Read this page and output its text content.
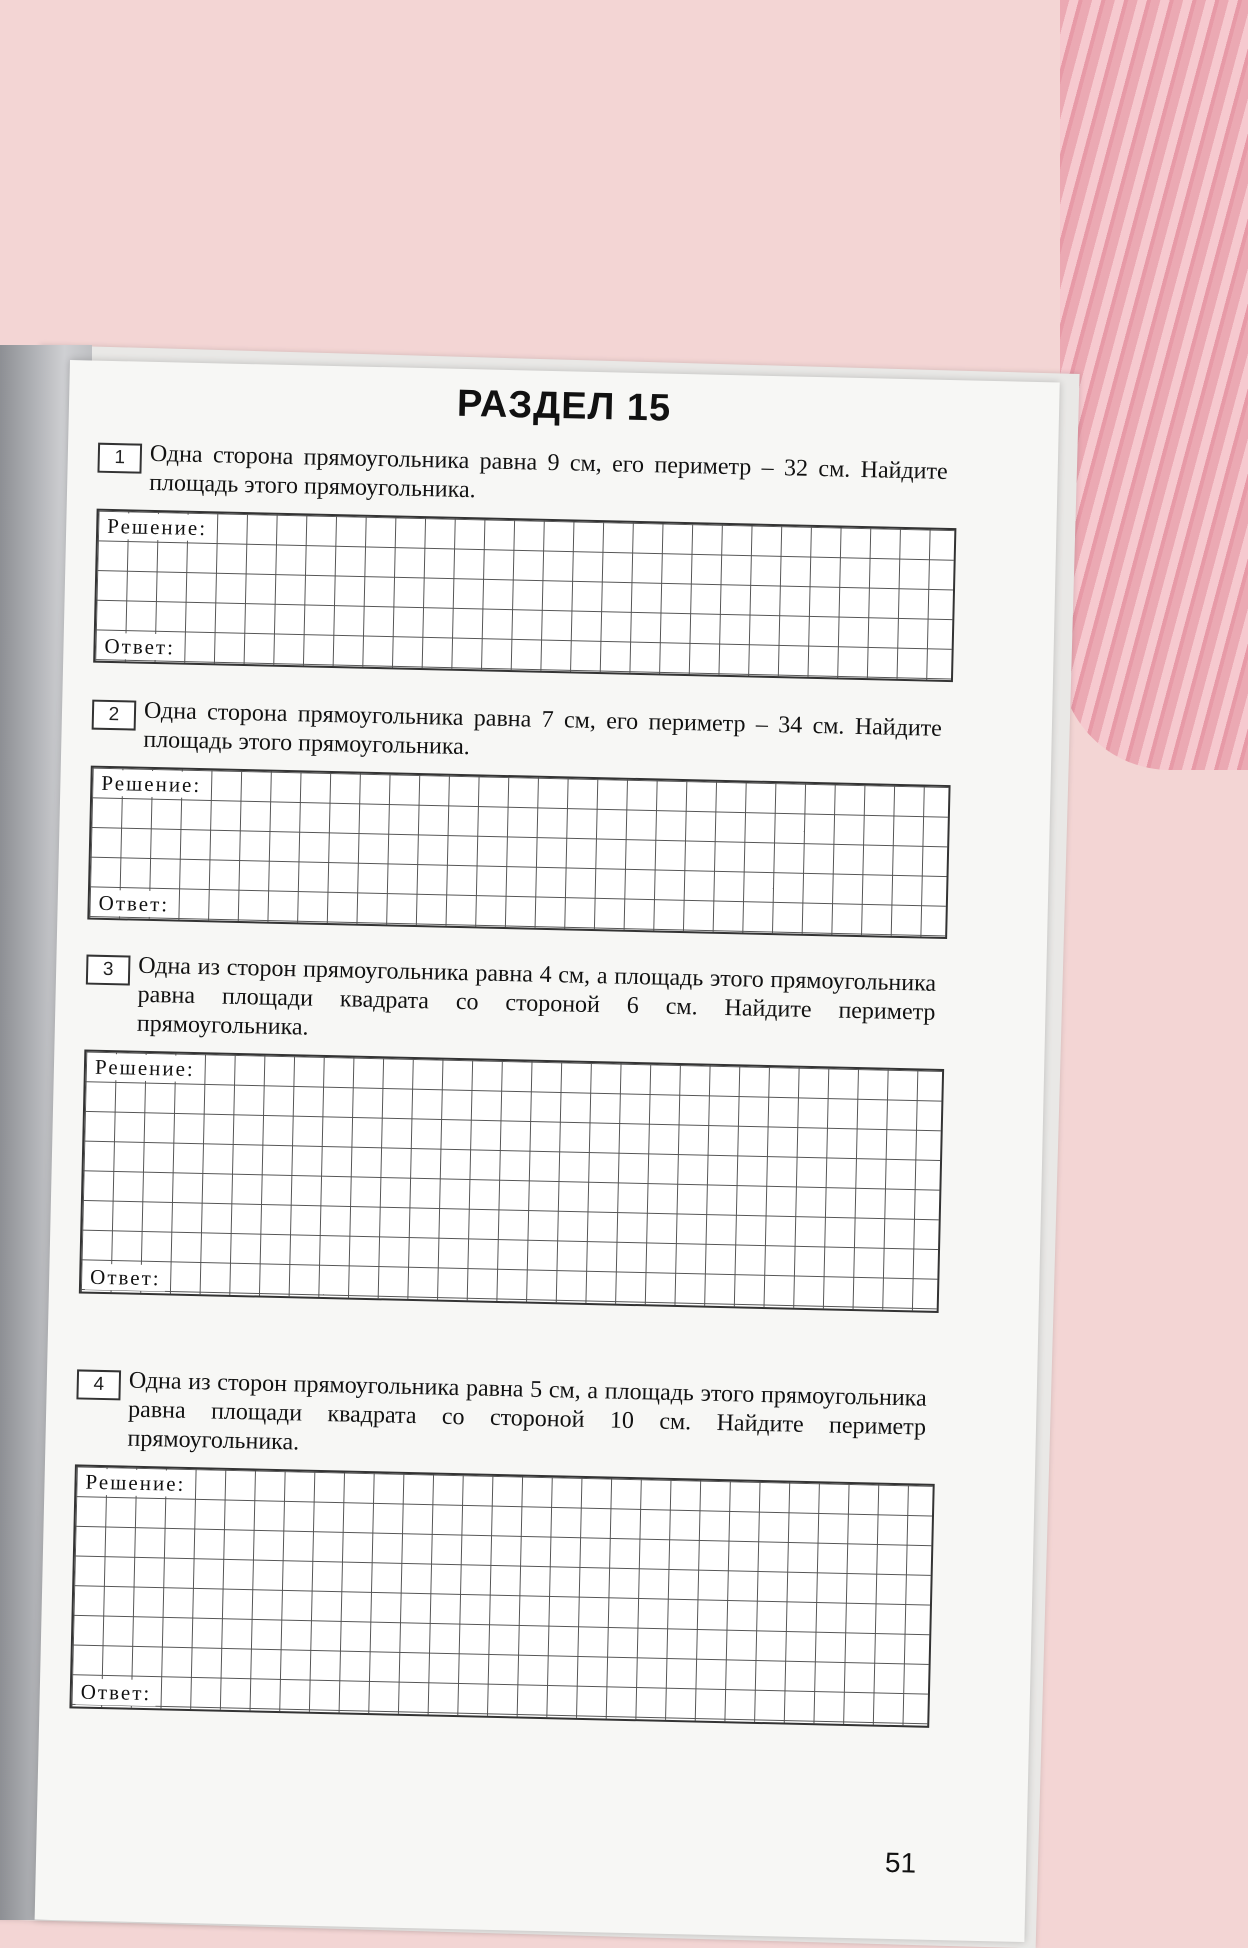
РАЗДЕЛ 15
1	Одна сторона прямоугольника равна 9 см, его периметр – 32 см. Найдите площадь этого прямоугольника.
Решение:
Ответ:
2	Одна сторона прямоугольника равна 7 см, его периметр – 34 см. Найдите площадь этого прямоугольника.
Решение:
Ответ:
3	Одна из сторон прямоугольника равна 4 см, а площадь этого прямоугольника равна площади квадрата со стороной 6 см. Найдите периметр прямоугольника.
Решение:
Ответ:
4	Одна из сторон прямоугольника равна 5 см, а площадь этого прямоугольника равна площади квадрата со стороной 10 см. Найдите периметр прямоугольника.
Решение:
Ответ:
51
